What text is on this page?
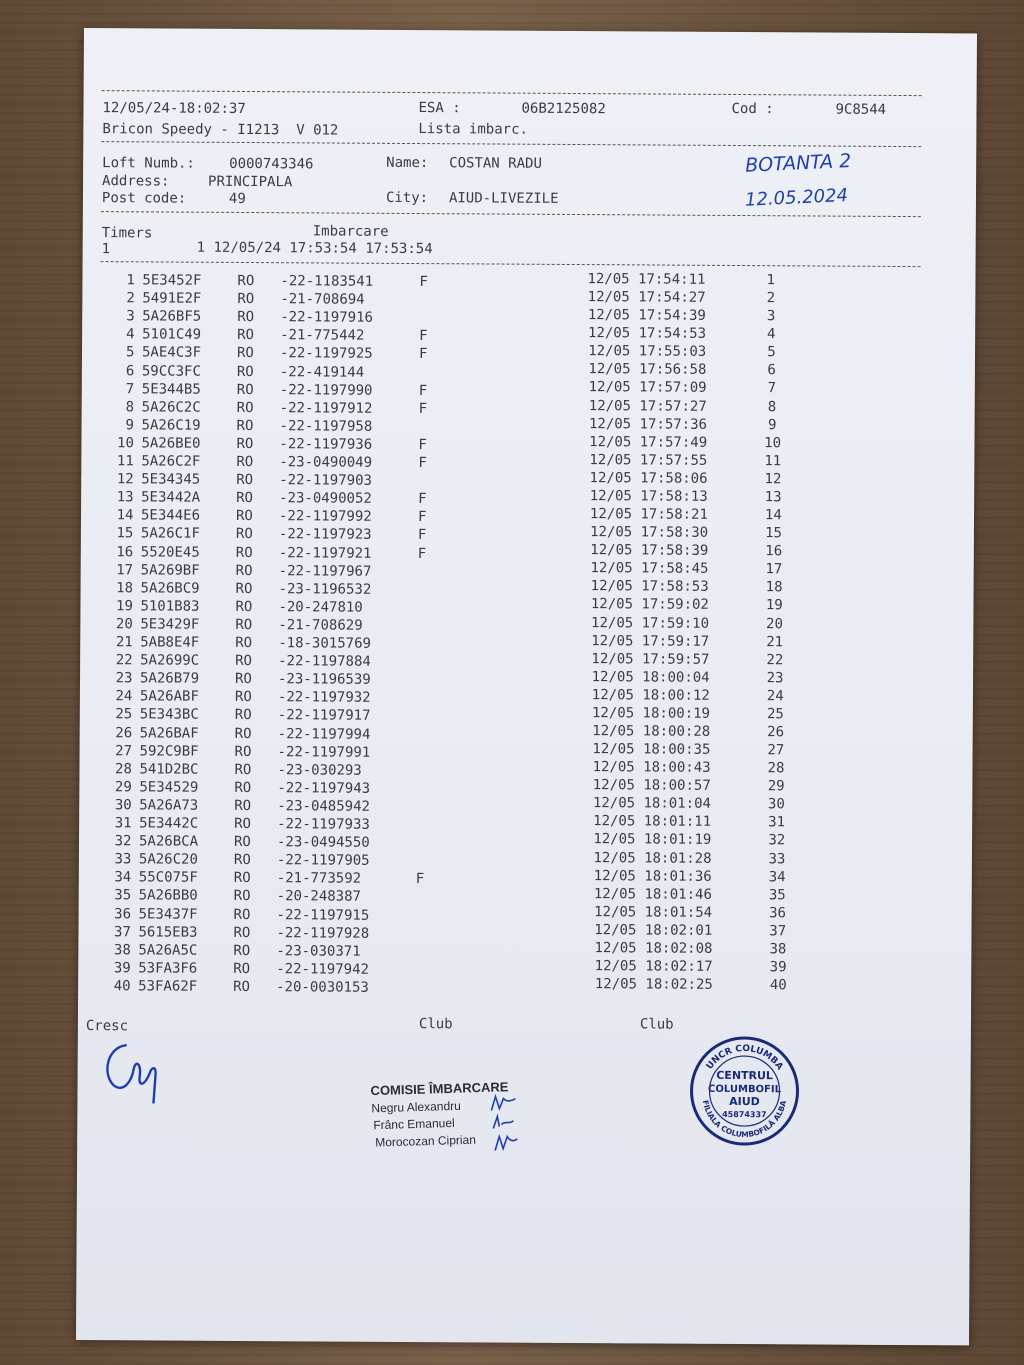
12/05/24-18:02:37	ESA :	06B2125082	Cod :	9C8544
Bricon Speedy - I1213  V 012	Lista imbarc.
Loft Numb.: 0000743346	Name: COSTAN RADU
Address:	PRINCIPALA
Post code:	49	City: AIUD-LIVEZILE
BOTANTA 2
12.05.2024
Timers	Imbarcare
1	1 12/05/24 17:53:54 17:53:54
1 5E3452F	RO -22-1183541	F	12/05 17:54:11	1
2 5491E2F	RO -21-708694	12/05 17:54:27	2
3 5A26BF5	RO -22-1197916	12/05 17:54:39	3
4 5101C49	RO -21-775442	F	12/05 17:54:53	4
5 5AE4C3F	RO -22-1197925	F	12/05 17:55:03	5
6 59CC3FC	RO -22-419144	12/05 17:56:58	6
7 5E344B5	RO -22-1197990	F	12/05 17:57:09	7
8 5A26C2C	RO -22-1197912	F	12/05 17:57:27	8
9 5A26C19	RO -22-1197958	12/05 17:57:36	9
10 5A26BE0	RO -22-1197936	F	12/05 17:57:49	10
11 5A26C2F	RO -23-0490049	F	12/05 17:57:55	11
12 5E34345	RO -22-1197903	12/05 17:58:06	12
13 5E3442A	RO -23-0490052	F	12/05 17:58:13	13
14 5E344E6	RO -22-1197992	F	12/05 17:58:21	14
15 5A26C1F	RO -22-1197923	F	12/05 17:58:30	15
16 5520E45	RO -22-1197921	F	12/05 17:58:39	16
17 5A269BF	RO -22-1197967	12/05 17:58:45	17
18 5A26BC9	RO -23-1196532	12/05 17:58:53	18
19 5101B83	RO -20-247810	12/05 17:59:02	19
20 5E3429F	RO -21-708629	12/05 17:59:10	20
21 5AB8E4F	RO -18-3015769	12/05 17:59:17	21
22 5A2699C	RO -22-1197884	12/05 17:59:57	22
23 5A26B79	RO -23-1196539	12/05 18:00:04	23
24 5A26ABF	RO -22-1197932	12/05 18:00:12	24
25 5E343BC	RO -22-1197917	12/05 18:00:19	25
26 5A26BAF	RO -22-1197994	12/05 18:00:28	26
27 592C9BF	RO -22-1197991	12/05 18:00:35	27
28 541D2BC	RO -23-030293	12/05 18:00:43	28
29 5E34529	RO -22-1197943	12/05 18:00:57	29
30 5A26A73	RO -23-0485942	12/05 18:01:04	30
31 5E3442C	RO -22-1197933	12/05 18:01:11	31
32 5A26BCA	RO -23-0494550	12/05 18:01:19	32
33 5A26C20	RO -22-1197905	12/05 18:01:28	33
34 55C075F	RO -21-773592	F	12/05 18:01:36	34
35 5A26BB0	RO -20-248387	12/05 18:01:46	35
36 5E3437F	RO -22-1197915	12/05 18:01:54	36
37 5615EB3	RO -22-1197928	12/05 18:02:01	37
38 5A26A5C	RO -23-030371	12/05 18:02:08	38
39 53FA3F6	RO -22-1197942	12/05 18:02:17	39
40 53FA62F	RO -20-0030153	12/05 18:02:25	40
Cresc	Club	Club
COMISIE ÎMBARCARE
Negru Alexandru
Frânc Emanuel
Morocozan Ciprian
UNCR COLUMBA
FILIALA COLUMBOFILĂ ALBA
CENTRUL
COLUMBOFIL
AIUD
45874337
